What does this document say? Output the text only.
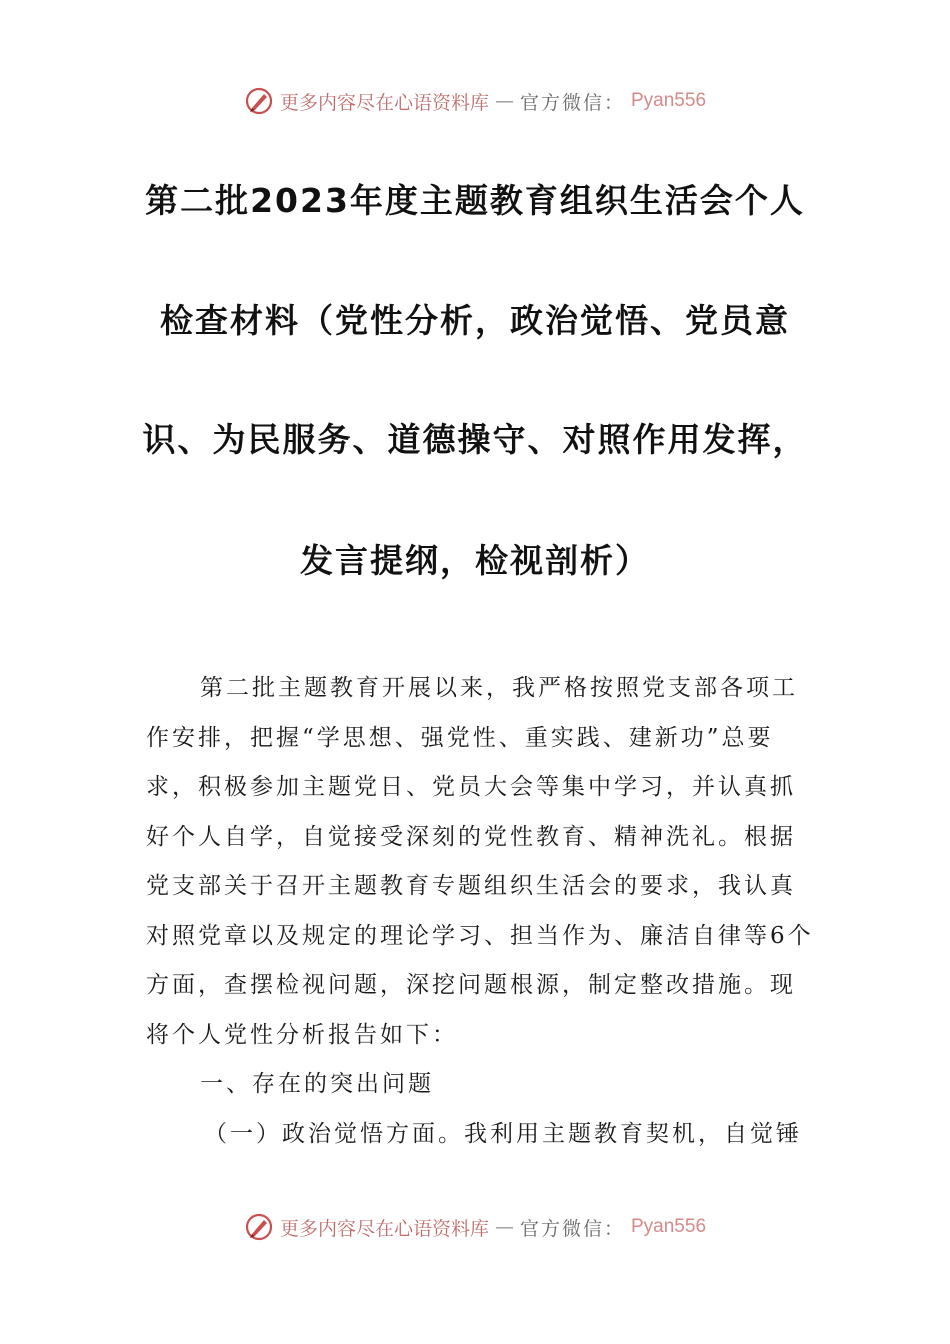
更多内容尽在心语资料库 — 官方微信： Pyan556
第二批2023年度主题教育组织生活会个人
检查材料（党性分析，政治觉悟、党员意
识、为民服务、道德操守、对照作用发挥，
发言提纲，检视剖析）
第二批主题教育开展以来，我严格按照党支部各项工
作安排，把握“学思想、强党性、重实践、建新功”总要
求，积极参加主题党日、党员大会等集中学习，并认真抓
好个人自学，自觉接受深刻的党性教育、精神洗礼。根据
党支部关于召开主题教育专题组织生活会的要求，我认真
对照党章以及规定的理论学习、担当作为、廉洁自律等6个
方面，查摆检视问题，深挖问题根源，制定整改措施。现
将个人党性分析报告如下：
一、存在的突出问题
（一）政治觉悟方面。我利用主题教育契机，自觉锤
更多内容尽在心语资料库 — 官方微信： Pyan556
